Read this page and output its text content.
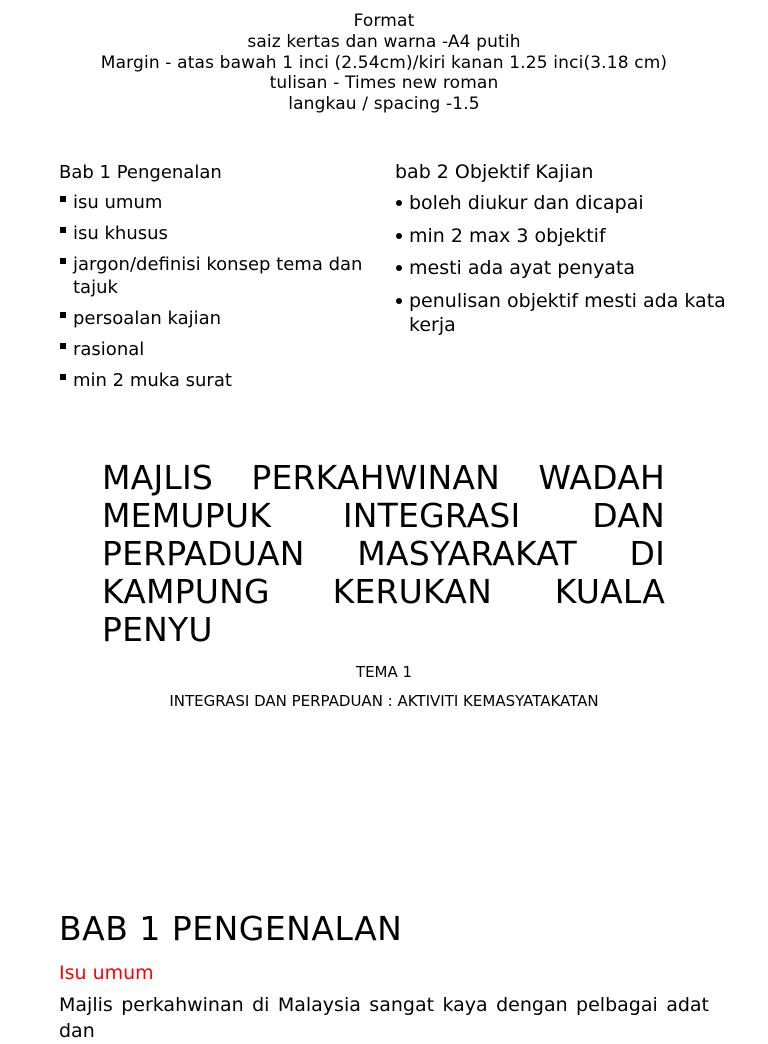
Format
saiz kertas dan warna -A4 putih
Margin - atas bawah 1 inci (2.54cm)/kiri kanan 1.25 inci(3.18 cm)
tulisan - Times new roman
langkau / spacing -1.5
Bab 1 Pengenalan
isu umum
isu khusus
jargon/definisi konsep tema dan tajuk
persoalan kajian
rasional
min 2 muka surat
bab 2 Objektif Kajian
boleh diukur dan dicapai
min 2 max 3 objektif
mesti ada ayat penyata
penulisan objektif mesti ada kata kerja
MAJLIS PERKAHWINAN WADAH MEMUPUK INTEGRASI DAN PERPADUAN MASYARAKAT DI KAMPUNG KERUKAN KUALA PENYU
TEMA 1
INTEGRASI DAN PERPADUAN : AKTIVITI KEMASYATAKATAN
BAB 1 PENGENALAN
Isu umum
Majlis perkahwinan di Malaysia sangat kaya dengan pelbagai adat dan
